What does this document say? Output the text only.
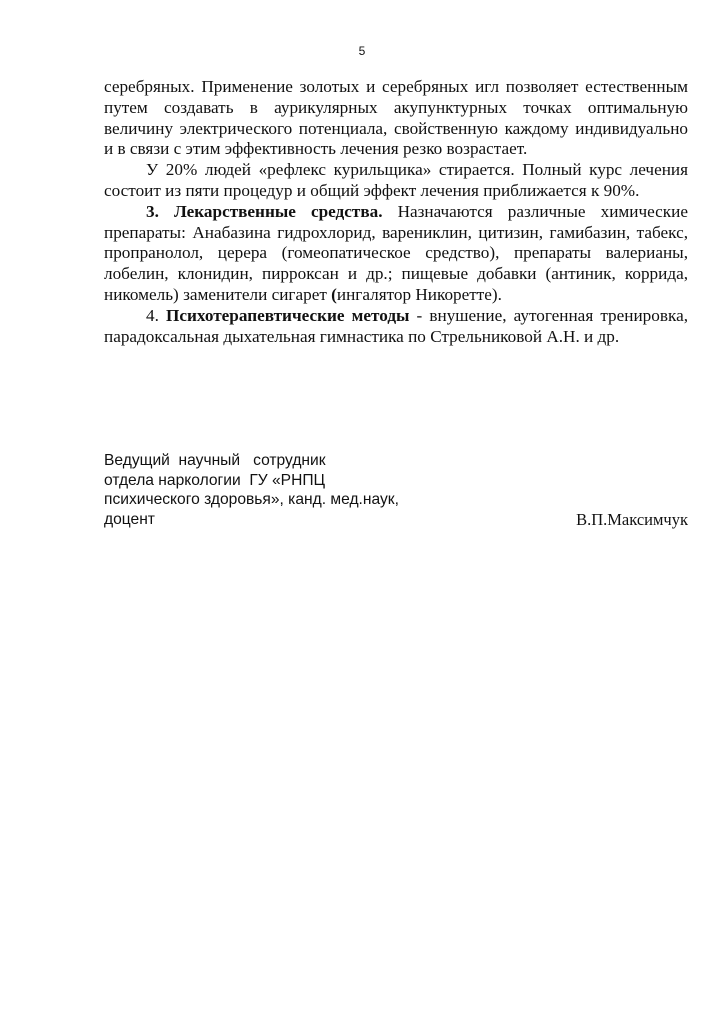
5

серебряных. Применение золотых и серебряных игл позволяет естественным путем создавать в аурикулярных акупунктурных точках оптимальную величину электрического потенциала, свойственную каждому индивидуально и в связи с этим эффективность лечения резко возрастает.

У 20% людей «рефлекс курильщика» стирается. Полный курс лечения состоит из пяти процедур и общий эффект лечения приближается к 90%.

3. Лекарственные средства. Назначаются различные химические препараты: Анабазина гидрохлорид, варениклин, цитизин, гамибазин, табекс, пропранолол, церера (гомеопатическое средство), препараты валерианы, лобелин, клонидин, пирроксан и др.; пищевые добавки (антиник, коррида, никомель) заменители сигарет (ингалятор Никоретте).

4. Психотерапевтические методы - внушение, аутогенная тренировка, парадоксальная дыхательная гимнастика по Стрельниковой А.Н. и др.

Ведущий  научный   сотрудник
отдела наркологии  ГУ «РНПЦ
психического здоровья», канд. мед.наук,
доцент	В.П.Максимчук
